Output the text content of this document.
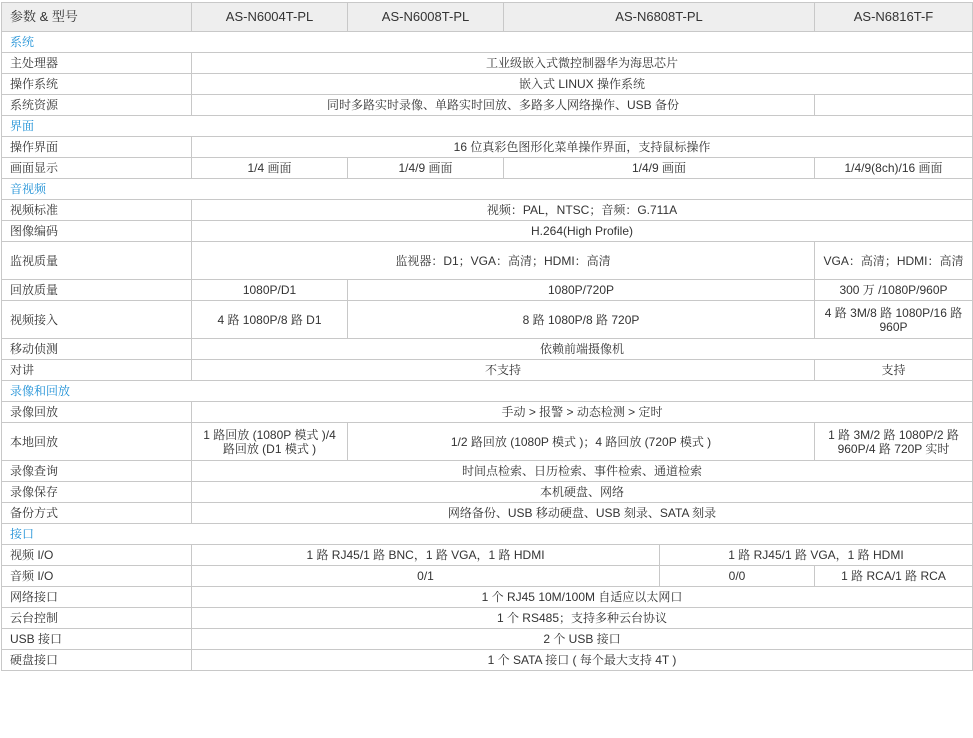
参数 & 型号	AS-N6004T-PL	AS-N6008T-PL	AS-N6808T-PL		AS-N6816T-F
系统					
主处理器	工业级嵌入式微控制器华为海思芯片				
操作系统	嵌入式 LINUX 操作系统				
系统资源	同时多路实时录像、单路实时回放、多路多人网络操作、USB 备份				
界面					
操作界面	16 位真彩色图形化菜单操作界面，支持鼠标操作				
画面显示	1/4 画面	1/4/9 画面	1/4/9 画面		1/4/9(8ch)/16 画面
音视频					
视频标准	视频：PAL，NTSC；音频：G.711A				
图像编码	H.264(High Profile)				
监视质量	监视器：D1；VGA：高清；HDMI：高清				VGA：高清；HDMI：高清
回放质量	1080P/D1	1080P/720P			300 万 /1080P/960P
视频接入	4 路 1080P/8 路 D1	8 路 1080P/8 路 720P			4 路 3M/8 路 1080P/16 路 960P
移动侦测	依赖前端摄像机				
对讲	不支持				支持
录像和回放					
录像回放	手动 > 报警 > 动态检测 > 定时				
本地回放	1 路回放 (1080P 模式 )/4 路回放 (D1 模式 )	1/2 路回放 (1080P 模式 )；4 路回放 (720P 模式 )			1 路 3M/2 路 1080P/2 路 960P/4 路 720P 实时
录像查询	时间点检索、日历检索、事件检索、通道检索				
录像保存	本机硬盘、网络				
备份方式	网络备份、USB 移动硬盘、USB 刻录、SATA 刻录				
接口					
视频 I/O	1 路 RJ45/1 路 BNC，1 路 VGA，1 路 HDMI			1 路 RJ45/1 路 VGA，1 路 HDMI	
音频 I/O	0/1			0/0	1 路 RCA/1 路 RCA
网络接口	1 个 RJ45 10M/100M 自适应以太网口				
云台控制	1 个 RS485；支持多种云台协议				
USB 接口	2 个 USB 接口				
硬盘接口	1 个 SATA 接口 ( 每个最大支持 4T )				
